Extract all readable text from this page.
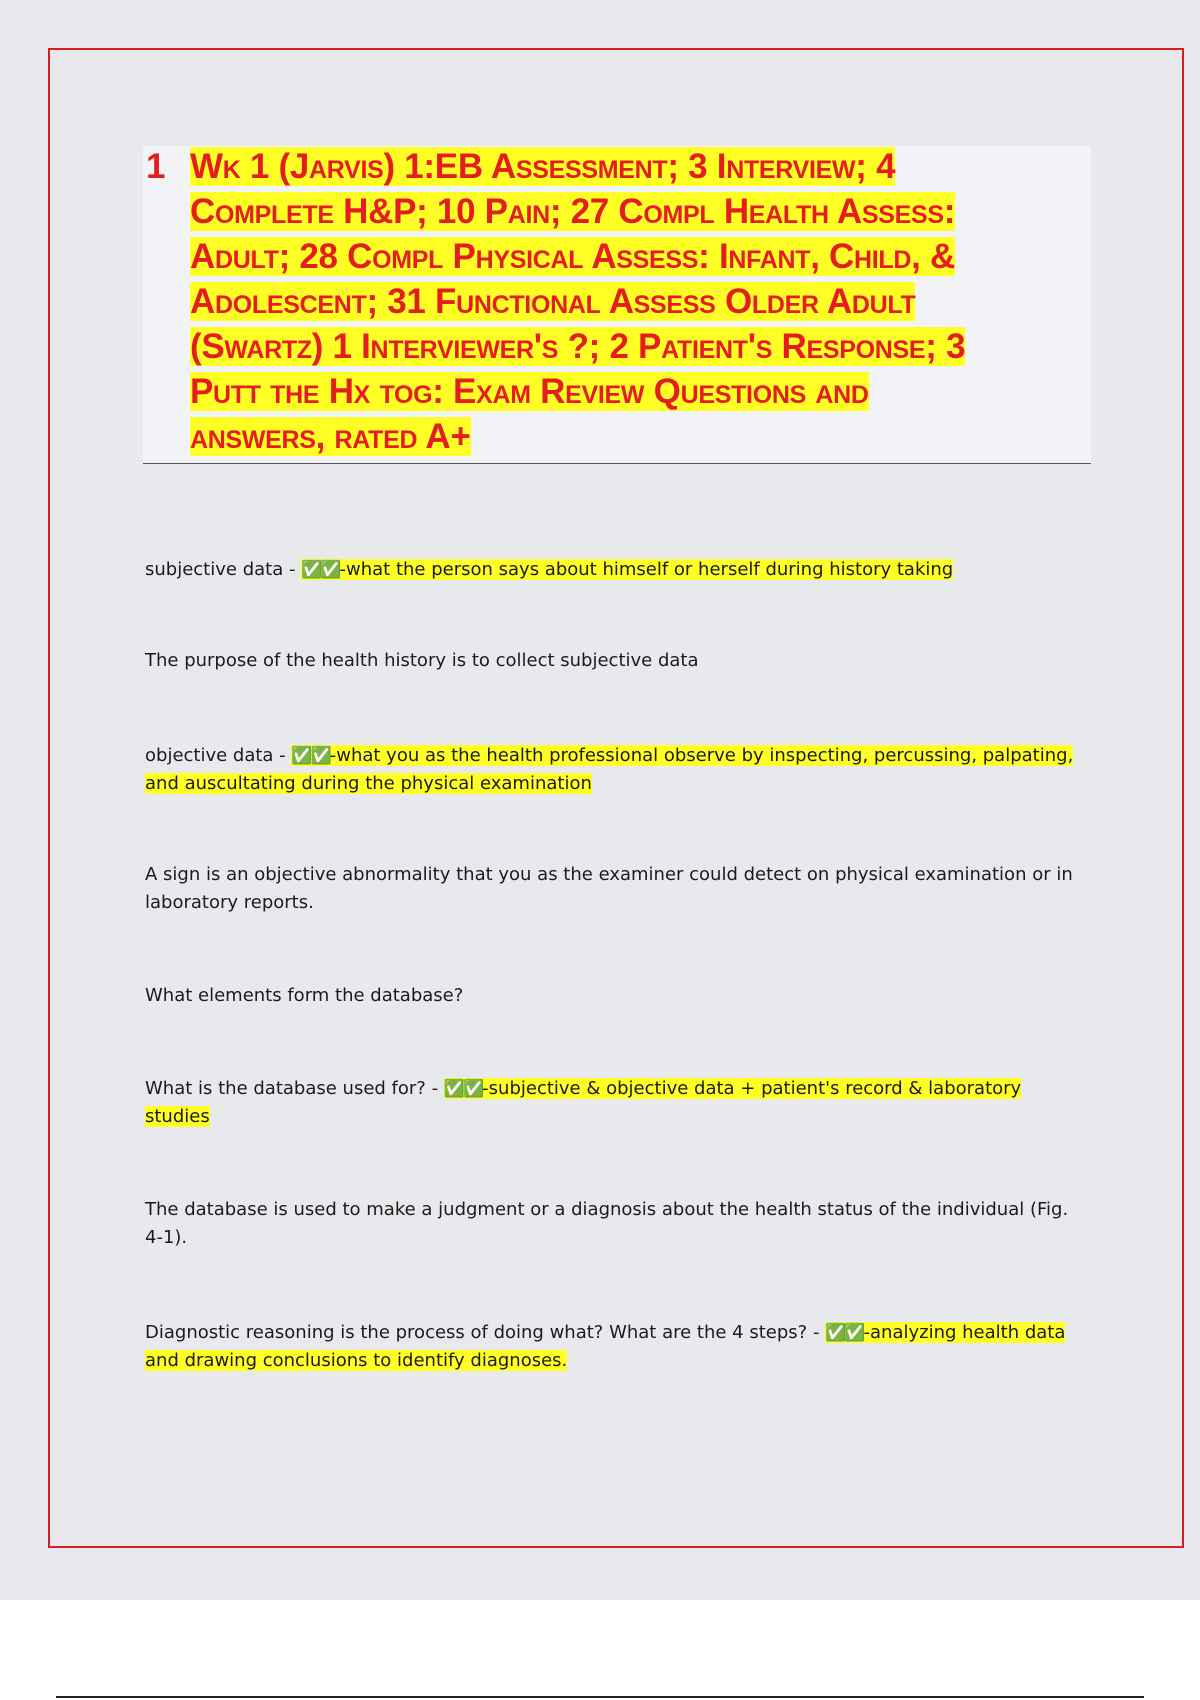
1 Wk 1 (Jarvis) 1:EB Assessment; 3 Interview; 4
Complete H&P; 10 Pain; 27 Compl Health Assess:
Adult; 28 Compl Physical Assess: Infant, Child, &
Adolescent; 31 Functional Assess Older Adult
(Swartz) 1 Interviewer's ?; 2 Patient's Response; 3
Putt the Hx tog: Exam Review Questions and
answers, rated A+

subjective data - ✅✅-what the person says about himself or herself during history taking

The purpose of the health history is to collect subjective data

objective data - ✅✅-what you as the health professional observe by inspecting, percussing, palpating, and auscultating during the physical examination

A sign is an objective abnormality that you as the examiner could detect on physical examination or in laboratory reports.

What elements form the database?

What is the database used for? - ✅✅-subjective & objective data + patient's record & laboratory studies

The database is used to make a judgment or a diagnosis about the health status of the individual (Fig. 4-1).

Diagnostic reasoning is the process of doing what? What are the 4 steps? - ✅✅-analyzing health data and drawing conclusions to identify diagnoses.
